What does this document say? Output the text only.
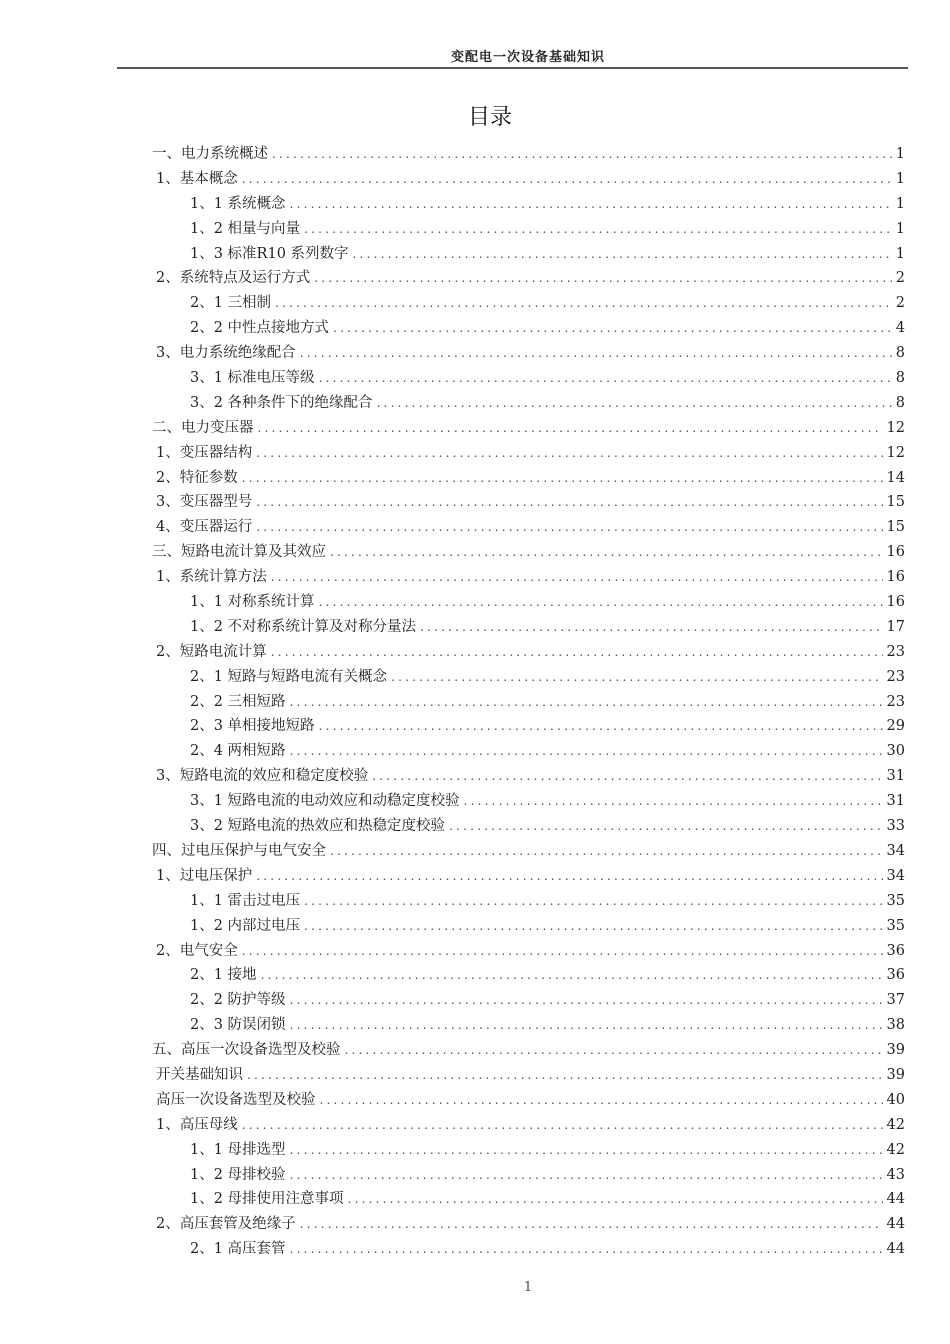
变配电一次设备基础知识
目录
一、电力系统概述 .....	1
1、基本概念 .....	1
1、1 系统概念 .....	1
1、2 相量与向量 .....	1
1、3 标准R10 系列数字 .....	1
2、系统特点及运行方式 .....	2
2、1 三相制 .....	2
2、2 中性点接地方式 .....	4
3、电力系统绝缘配合 .....	8
3、1 标准电压等级 .....	8
3、2 各种条件下的绝缘配合 .....	8
二、电力变压器 .....	12
1、变压器结构 .....	12
2、特征参数 .....	14
3、变压器型号 .....	15
4、变压器运行 .....	15
三、短路电流计算及其效应 .....	16
1、系统计算方法 .....	16
1、1 对称系统计算 .....	16
1、2 不对称系统计算及对称分量法 .....	17
2、短路电流计算 .....	23
2、1 短路与短路电流有关概念 .....	23
2、2 三相短路 .....	23
2、3 单相接地短路 .....	29
2、4 两相短路 .....	30
3、短路电流的效应和稳定度校验 .....	31
3、1 短路电流的电动效应和动稳定度校验 .....	31
3、2 短路电流的热效应和热稳定度校验 .....	33
四、过电压保护与电气安全 .....	34
1、过电压保护 .....	34
1、1 雷击过电压 .....	35
1、2 内部过电压 .....	35
2、电气安全 .....	36
2、1 接地 .....	36
2、2 防护等级 .....	37
2、3 防误闭锁 .....	38
五、高压一次设备选型及校验 .....	39
开关基础知识 .....	39
高压一次设备选型及校验 .....	40
1、高压母线 .....	42
1、1 母排选型 .....	42
1、2 母排校验 .....	43
1、2 母排使用注意事项 .....	44
2、高压套管及绝缘子 .....	44
2、1 高压套管 .....	44
1
